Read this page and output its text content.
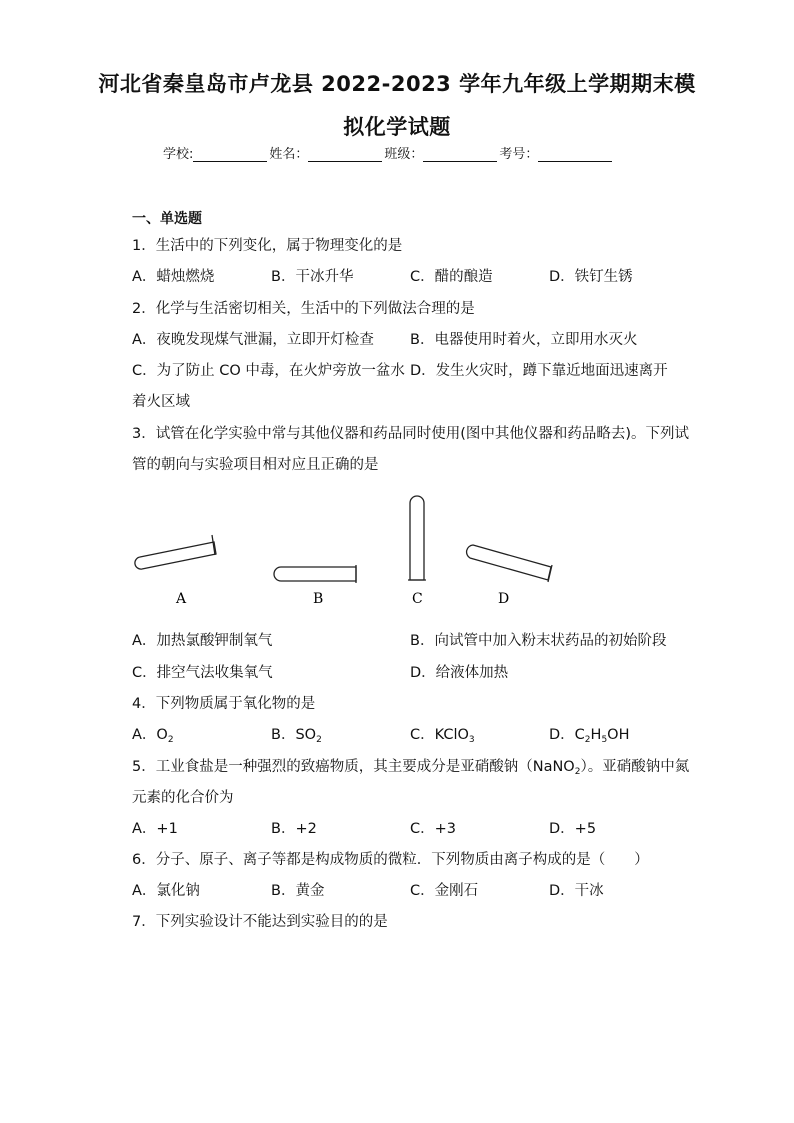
河北省秦皇岛市卢龙县 2022-2023 学年九年级上学期期末模
拟化学试题
学校:	姓名：	班级：	考号：
一、单选题
1．生活中的下列变化，属于物理变化的是
A．蜡烛燃烧	B．干冰升华	C．醋的酿造	D．铁钉生锈
2．化学与生活密切相关，生活中的下列做法合理的是
A．夜晚发现煤气泄漏，立即开灯检查 B．电器使用时着火，立即用水灭火
C．为了防止 CO 中毒，在火炉旁放一盆水 D．发生火灾时，蹲下靠近地面迅速离开
着火区域
3．试管在化学实验中常与其他仪器和药品同时使用(图中其他仪器和药品略去)。下列试
管的朝向与实验项目相对应且正确的是
A	B	C	D
A．加热氯酸钾制氧气	B．向试管中加入粉末状药品的初始阶段
C．排空气法收集氧气	D．给液体加热
4．下列物质属于氧化物的是
A．$O_2$	B．$SO_2$	C．KClO$_3$	D．$C_2H_5OH$
5．工业食盐是一种强烈的致癌物质，其主要成分是亚硝酸钠（NaNO$_2$）。亚硝酸钠中氮
元素的化合价为
A．+1	B．+2	C．+3	D．+5
6．分子、原子、离子等都是构成物质的微粒．下列物质由离子构成的是（　　）
A．氯化钠	B．黄金	C．金刚石	D．干冰
7．下列实验设计不能达到实验目的的是
